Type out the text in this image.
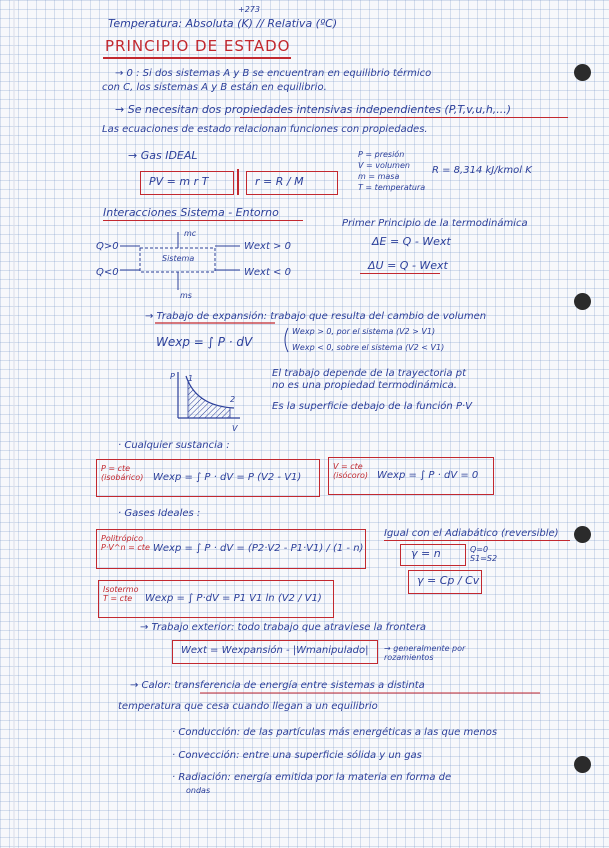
+273
Temperatura: Absoluta (K) // Relativa (ºC)
PRINCIPIO DE ESTADO
→ 0 : Si dos sistemas A y B se encuentran en equilibrio térmico
con C, los sistemas A y B están en equilibrio.
→ Se necesitan dos propiedades intensivas independientes (P,T,v,u,h,...)
Las ecuaciones de estado relacionan funciones con propiedades.
→ Gas IDEAL
PV = m r T	r = R / M
P = presión
V = volumen
m = masa
T = temperatura
R = 8,314 kJ/kmol K
Interacciones Sistema - Entorno
Q>0
Q<0
Sistema
mc
ms
Wext > 0
Wext < 0
Primer Principio de la termodinámica
ΔE = Q - Wext
ΔU = Q - Wext
→ Trabajo de expansión: trabajo que resulta del cambio de volumen
Wexp = ∫ P · dV
Wexp > 0, por el sistema (V2 > V1)
Wexp < 0, sobre el sistema (V2 < V1)
El trabajo depende de la trayectoria pt
no es una propiedad termodinámica.
Es la superficie debajo de la función P·V
P
V
1
2
· Cualquier sustancia :
P = cte (isobárico) Wexp = ∫ P · dV = P (V2 - V1)
V = cte (isócoro) Wexp = ∫ P · dV = 0
· Gases Ideales :
Politrópico P·V^n = cte Wexp = ∫ P · dV = (P2·V2 - P1·V1) / (1 - n)
Igual con el Adiabático (reversible)
γ = n	Q=0 S1=S2
γ = Cp / Cv
Isotermo T = cte	Wexp = ∫ P·dV = P1 V1 ln (V2 / V1)
→ Trabajo exterior: todo trabajo que atraviese la frontera
Wext = Wexpansión - |Wmanipulado| → generalmente por rozamientos
→ Calor: transferencia de energía entre sistemas a distinta
temperatura que cesa cuando llegan a un equilibrio
· Conducción: de las partículas más energéticas a las que menos
· Convección: entre una superficie sólida y un gas
· Radiación: energía emitida por la materia en forma de
ondas
